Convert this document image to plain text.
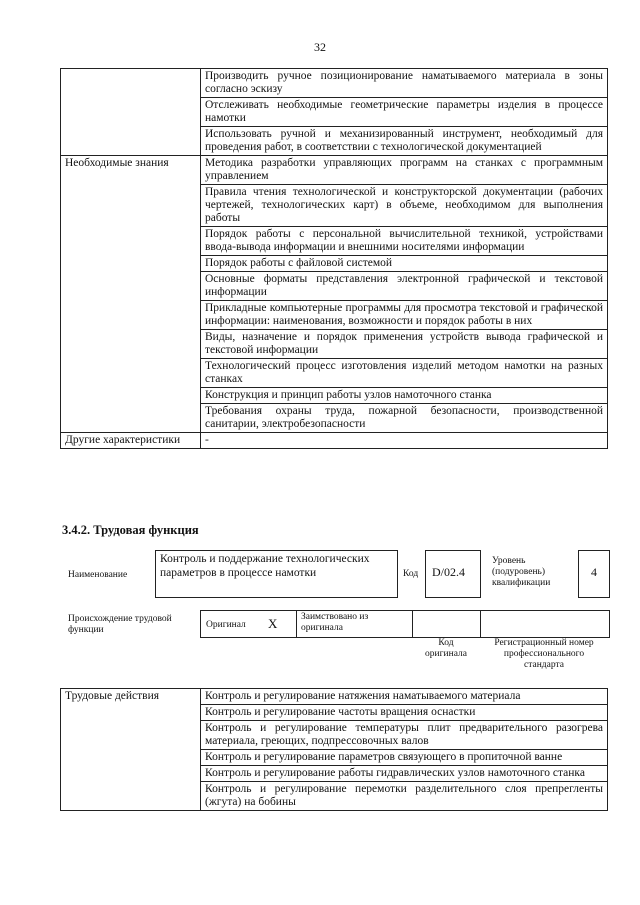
32
	Производить ручное позиционирование наматываемого материала в зоны согласно эскизу
	Отслеживать необходимые геометрические параметры изделия в процессе намотки
	Использовать ручной и механизированный инструмент, необходимый для проведения работ, в соответствии с технологической документацией
Необходимые знания	Методика разработки управляющих программ на станках с программным управлением
	Правила чтения технологической и конструкторской документации (рабочих чертежей, технологических карт) в объеме, необходимом для выполнения работы
	Порядок работы с персональной вычислительной техникой, устройствами ввода-вывода информации и внешними носителями информации
	Порядок работы с файловой системой
	Основные форматы представления электронной графической и текстовой информации
	Прикладные компьютерные программы для просмотра текстовой и графической информации: наименования, возможности и порядок работы в них
	Виды, назначение и порядок применения устройств вывода графической и текстовой информации
	Технологический процесс изготовления изделий методом намотки на разных станках
	Конструкция и принцип работы узлов намоточного станка
	Требования охраны труда, пожарной безопасности, производственной санитарии, электробезопасности
Другие характеристики	-
3.4.2. Трудовая функция
Наименование
Контроль и поддержание технологических параметров в процессе намотки	Код	D/02.4
Уровень (подуровень) квалификации
4
Происхождение трудовой функции	Оригинал X Заимствовано из оригинала
Код оригинала
Регистрационный номер профессионального стандарта
Трудовые действия	Контроль и регулирование натяжения наматываемого материала
Контроль и регулирование частоты вращения оснастки
Контроль и регулирование температуры плит предварительного разогрева материала, греющих, подпрессовочных валов
Контроль и регулирование параметров связующего в пропиточной ванне
Контроль и регулирование работы гидравлических узлов намоточного станка
Контроль и регулирование перемотки разделительного слоя препрегленты (жгута) на бобины
